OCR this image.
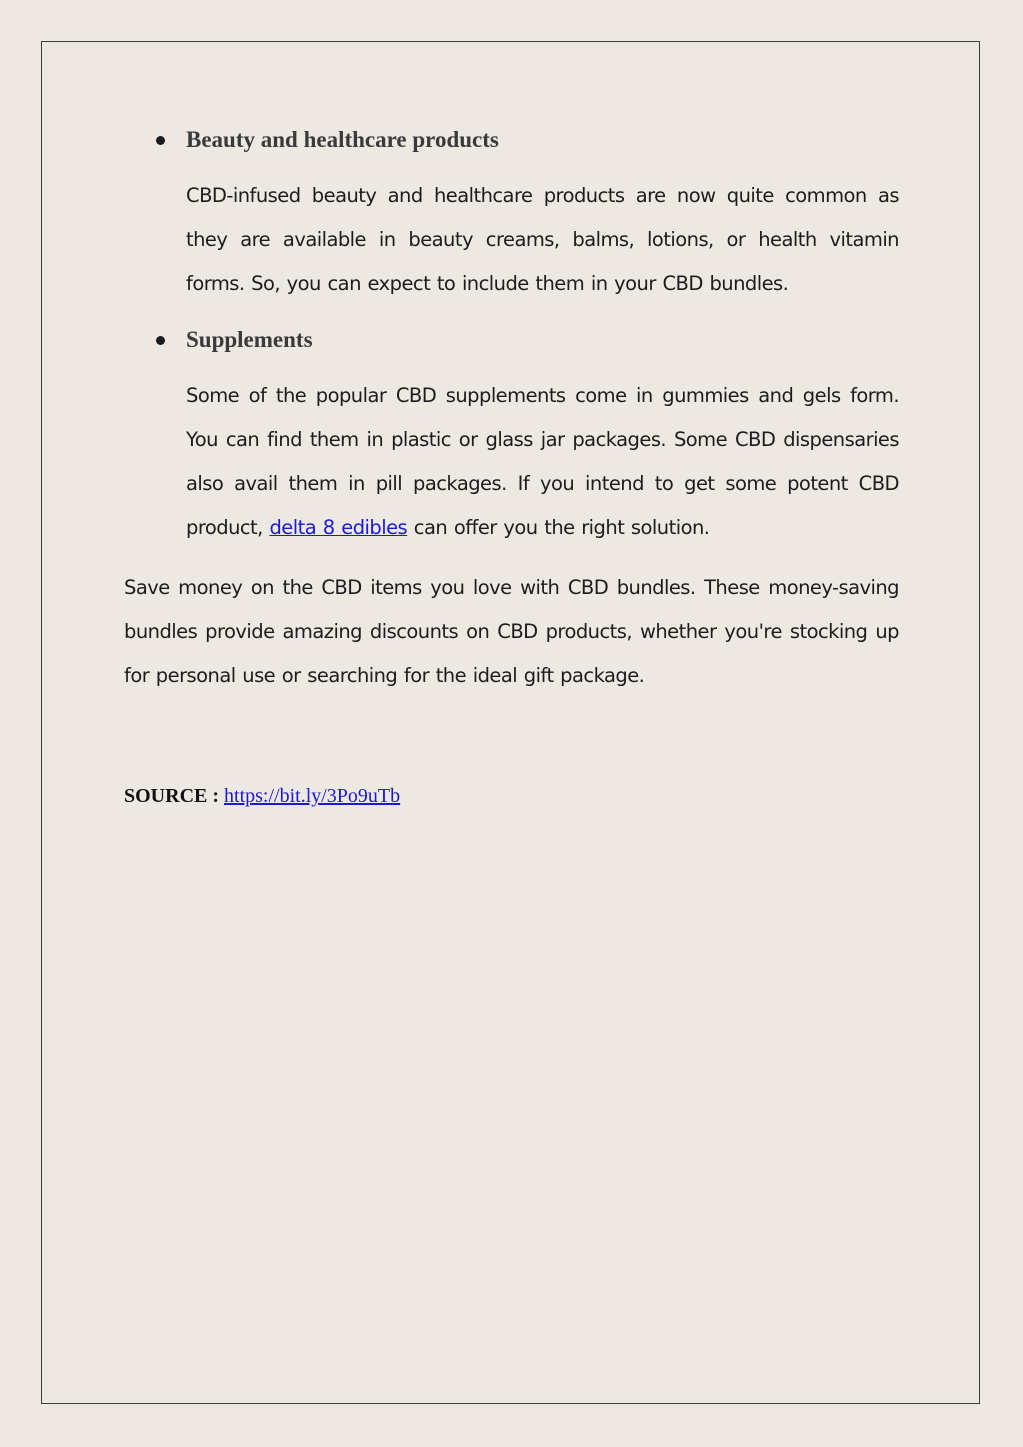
Beauty and healthcare products

CBD-infused beauty and healthcare products are now quite common as they are available in beauty creams, balms, lotions, or health vitamin forms. So, you can expect to include them in your CBD bundles.

Supplements

Some of the popular CBD supplements come in gummies and gels form. You can find them in plastic or glass jar packages. Some CBD dispensaries also avail them in pill packages. If you intend to get some potent CBD product, delta 8 edibles can offer you the right solution.

Save money on the CBD items you love with CBD bundles. These money-saving bundles provide amazing discounts on CBD products, whether you're stocking up for personal use or searching for the ideal gift package.

SOURCE : https://bit.ly/3Po9uTb
